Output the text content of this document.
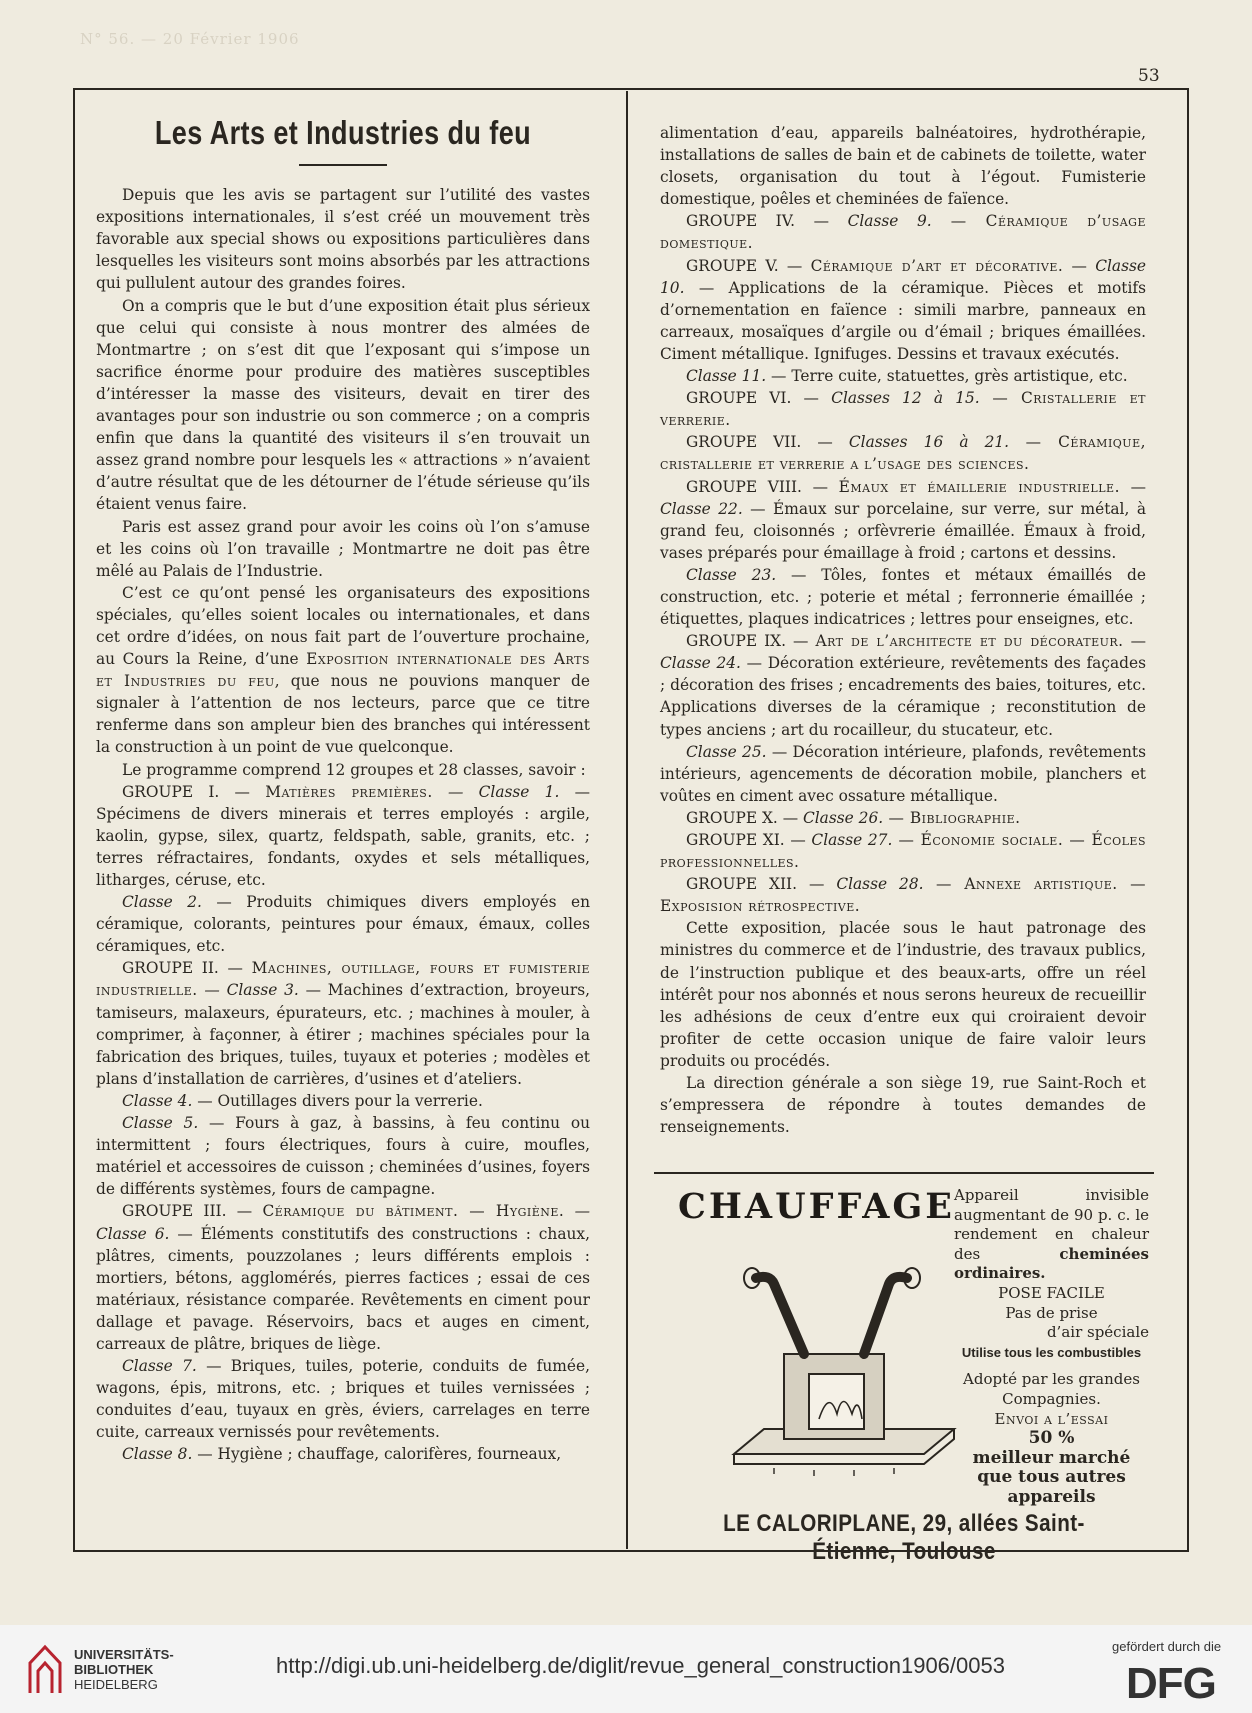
N° 56. — 20 Février 1906
53
Les Arts et Industries du feu

Depuis que les avis se partagent sur l’utilité des vastes expositions internationales, il s’est créé un mouvement très favorable aux special shows ou expositions particulières dans lesquelles les visiteurs sont moins absorbés par les attractions qui pullulent autour des grandes foires.

On a compris que le but d’une exposition était plus sérieux que celui qui consiste à nous montrer des almées de Montmartre ; on s’est dit que l’exposant qui s’impose un sacrifice énorme pour produire des matières susceptibles d’intéresser la masse des visiteurs, devait en tirer des avantages pour son industrie ou son commerce ; on a compris enfin que dans la quantité des visiteurs il s’en trouvait un assez grand nombre pour lesquels les « attractions » n’avaient d’autre résultat que de les détourner de l’étude sérieuse qu’ils étaient venus faire.

Paris est assez grand pour avoir les coins où l’on s’amuse et les coins où l’on travaille ; Montmartre ne doit pas être mêlé au Palais de l’Industrie.

C’est ce qu’ont pensé les organisateurs des expositions spéciales, qu’elles soient locales ou internationales, et dans cet ordre d’idées, on nous fait part de l’ouverture prochaine, au Cours la Reine, d’une Exposition internationale des Arts et Industries du feu, que nous ne pouvions manquer de signaler à l’attention de nos lecteurs, parce que ce titre renferme dans son ampleur bien des branches qui intéressent la construction à un point de vue quelconque.

Le programme comprend 12 groupes et 28 classes, savoir :

GROUPE I. — Matières premières. — Classe 1. — Spécimens de divers minerais et terres employés : argile, kaolin, gypse, silex, quartz, feldspath, sable, granits, etc. ; terres réfractaires, fondants, oxydes et sels métalliques, litharges, céruse, etc.

Classe 2. — Produits chimiques divers employés en céramique, colorants, peintures pour émaux, émaux, colles céramiques, etc.

GROUPE II. — Machines, outillage, fours et fumisterie industrielle. — Classe 3. — Machines d’extraction, broyeurs, tamiseurs, malaxeurs, épurateurs, etc. ; machines à mouler, à comprimer, à façonner, à étirer ; machines spéciales pour la fabrication des briques, tuiles, tuyaux et poteries ; modèles et plans d’installation de carrières, d’usines et d’ateliers.

Classe 4. — Outillages divers pour la verrerie.

Classe 5. — Fours à gaz, à bassins, à feu continu ou intermittent ; fours électriques, fours à cuire, moufles, matériel et accessoires de cuisson ; cheminées d’usines, foyers de différents systèmes, fours de campagne.

GROUPE III. — Céramique du bâtiment. — Hygiène. — Classe 6. — Éléments constitutifs des constructions : chaux, plâtres, ciments, pouzzolanes ; leurs différents emplois : mortiers, bétons, agglomérés, pierres factices ; essai de ces matériaux, résistance comparée. Revêtements en ciment pour dallage et pavage. Réservoirs, bacs et auges en ciment, carreaux de plâtre, briques de liège.

Classe 7. — Briques, tuiles, poterie, conduits de fumée, wagons, épis, mitrons, etc. ; briques et tuiles vernissées ; conduites d’eau, tuyaux en grès, éviers, carrelages en terre cuite, carreaux vernissés pour revêtements.

Classe 8. — Hygiène ; chauffage, calorifères, fourneaux,

alimentation d’eau, appareils balnéatoires, hydrothérapie, installations de salles de bain et de cabinets de toilette, water closets, organisation du tout à l’égout. Fumisterie domestique, poêles et cheminées de faïence.

GROUPE IV. — Classe 9. — Céramique d’usage domestique.

GROUPE V. — Céramique d’art et décorative. — Classe 10. — Applications de la céramique. Pièces et motifs d’ornementation en faïence : simili marbre, panneaux en carreaux, mosaïques d’argile ou d’émail ; briques émaillées. Ciment métallique. Ignifuges. Dessins et travaux exécutés.

Classe 11. — Terre cuite, statuettes, grès artistique, etc.

GROUPE VI. — Classes 12 à 15. — Cristallerie et verrerie.

GROUPE VII. — Classes 16 à 21. — Céramique, cristallerie et verrerie a l’usage des sciences.

GROUPE VIII. — Émaux et émaillerie industrielle. — Classe 22. — Émaux sur porcelaine, sur verre, sur métal, à grand feu, cloisonnés ; orfèvrerie émaillée. Émaux à froid, vases préparés pour émaillage à froid ; cartons et dessins.

Classe 23. — Tôles, fontes et métaux émaillés de construction, etc. ; poterie et métal ; ferronnerie émaillée ; étiquettes, plaques indicatrices ; lettres pour enseignes, etc.

GROUPE IX. — Art de l’architecte et du décorateur. — Classe 24. — Décoration extérieure, revêtements des façades ; décoration des frises ; encadrements des baies, toitures, etc. Applications diverses de la céramique ; reconstitution de types anciens ; art du rocailleur, du stucateur, etc.

Classe 25. — Décoration intérieure, plafonds, revêtements intérieurs, agencements de décoration mobile, planchers et voûtes en ciment avec ossature métallique.

GROUPE X. — Classe 26. — Bibliographie.

GROUPE XI. — Classe 27. — Économie sociale. — Écoles professionnelles.

GROUPE XII. — Classe 28. — Annexe artistique. — Exposision rétrospective.

Cette exposition, placée sous le haut patronage des ministres du commerce et de l’industrie, des travaux publics, de l’instruction publique et des beaux-arts, offre un réel intérêt pour nos abonnés et nous serons heureux de recueillir les adhésions de ceux d’entre eux qui croiraient devoir profiter de cette occasion unique de faire valoir leurs produits ou procédés.

La direction générale a son siège 19, rue Saint-Roch et s’empressera de répondre à toutes demandes de renseignements.

CHAUFFAGE Appareil invisible augmentant de 90 p. c. le rendement en chaleur des	cheminées ordinaires.
POSE FACILE
Pas de prise
d’air spéciale
Utilise tous les combustibles
Adopté par les grandes Compagnies.
Envoi a l’essai
50 %
meilleur marché que tous autres appareils
LE CALORIPLANE, 29, allées Saint-Étienne, Toulouse
UNIVERSITÄTS-
BIBLIOTHEK
HEIDELBERG
http://digi.ub.uni-heidelberg.de/diglit/revue_general_construction1906/0053
gefördert durch die
DFG
